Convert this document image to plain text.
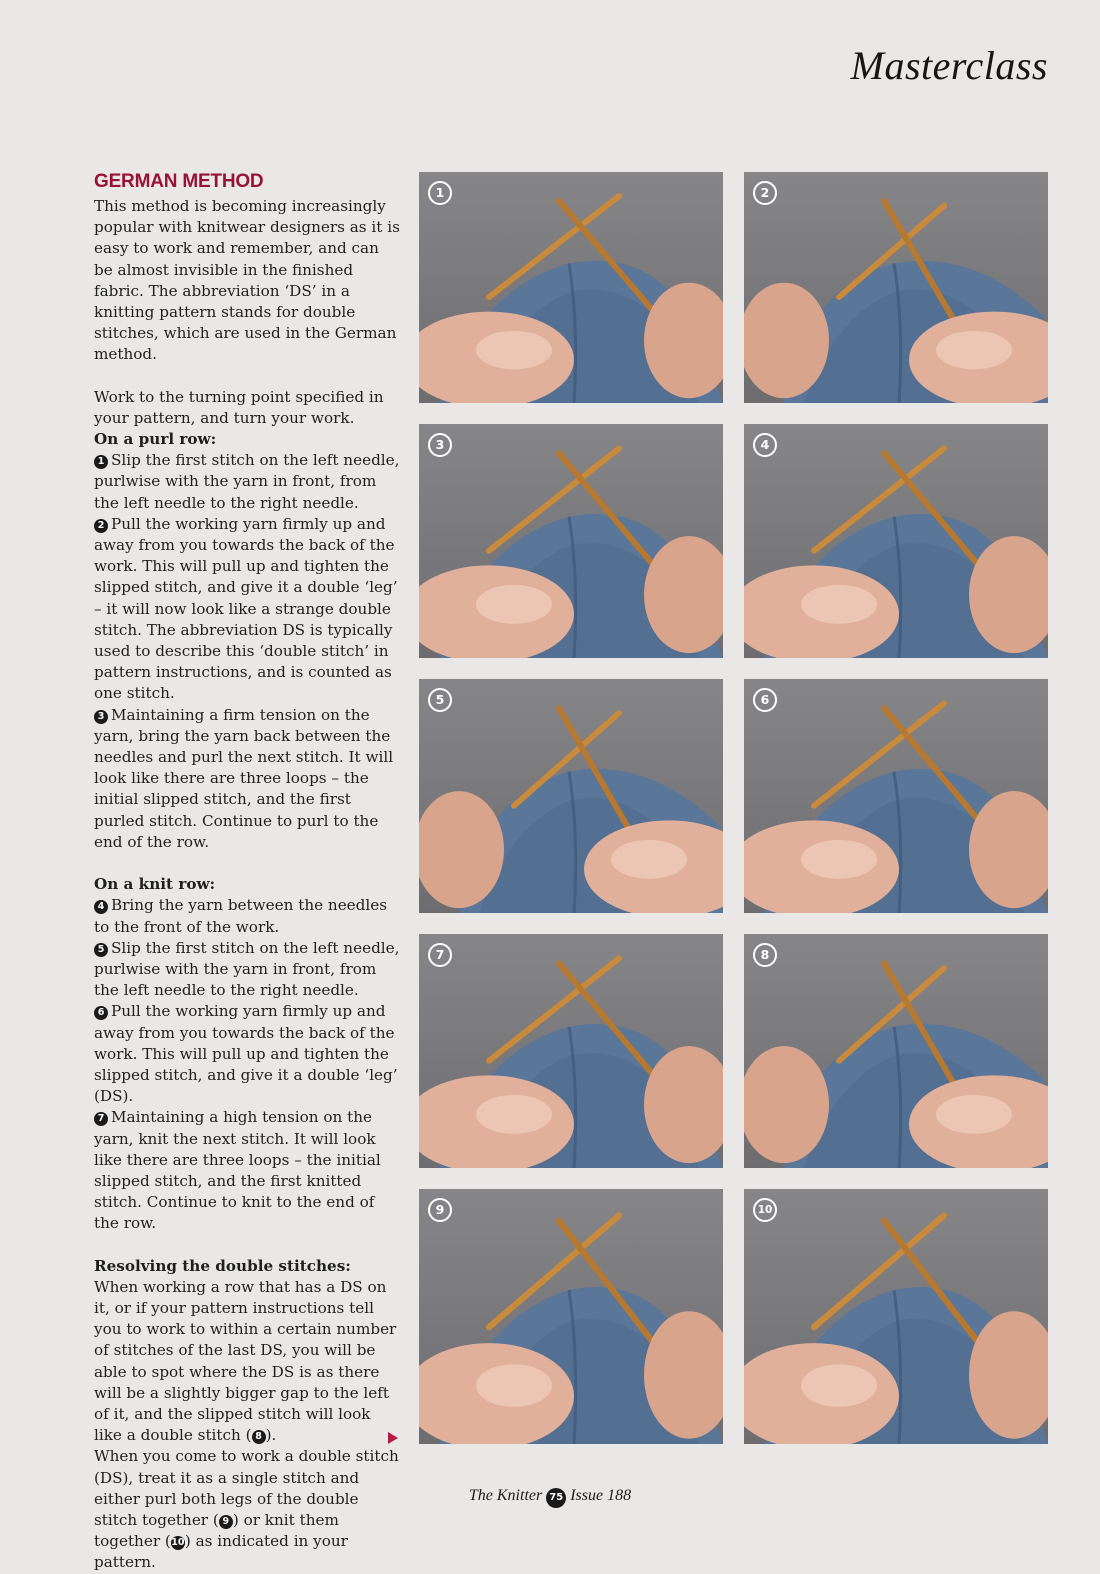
Masterclass
GERMAN METHOD

This method is becoming increasingly popular with knitwear designers as it is easy to work and remember, and can be almost invisible in the finished fabric. The abbreviation ‘DS’ in a knitting pattern stands for double stitches, which are used in the German method.

Work to the turning point specified in your pattern, and turn your work.

On a purl row:

1 Slip the first stitch on the left needle, purlwise with the yarn in front, from the left needle to the right needle.

2 Pull the working yarn firmly up and away from you towards the back of the work. This will pull up and tighten the slipped stitch, and give it a double ‘leg’ – it will now look like a strange double stitch. The abbreviation DS is typically used to describe this ‘double stitch’ in pattern instructions, and is counted as one stitch.

3 Maintaining a firm tension on the yarn, bring the yarn back between the needles and purl the next stitch. It will look like there are three loops – the initial slipped stitch, and the first purled stitch. Continue to purl to the end of the row.

On a knit row:

4 Bring the yarn between the needles to the front of the work.

5 Slip the first stitch on the left needle, purlwise with the yarn in front, from the left needle to the right needle.

6 Pull the working yarn firmly up and away from you towards the back of the work. This will pull up and tighten the slipped stitch, and give it a double ‘leg’ (DS).

7 Maintaining a high tension on the yarn, knit the next stitch. It will look like there are three loops – the initial slipped stitch, and the first knitted stitch. Continue to knit to the end of the row.

Resolving the double stitches:

When working a row that has a DS on it, or if your pattern instructions tell you to work to within a certain number of stitches of the last DS, you will be able to spot where the DS is as there will be a slightly bigger gap to the left of it, and the slipped stitch will look like a double stitch ( 8 ).

When you come to work a double stitch (DS), treat it as a single stitch and either purl both legs of the double stitch together ( 9 ) or knit them together (10) as indicated in your pattern.

1	2
3	4
5	6
7	8
9	10
The Knitter 75 Issue 188
